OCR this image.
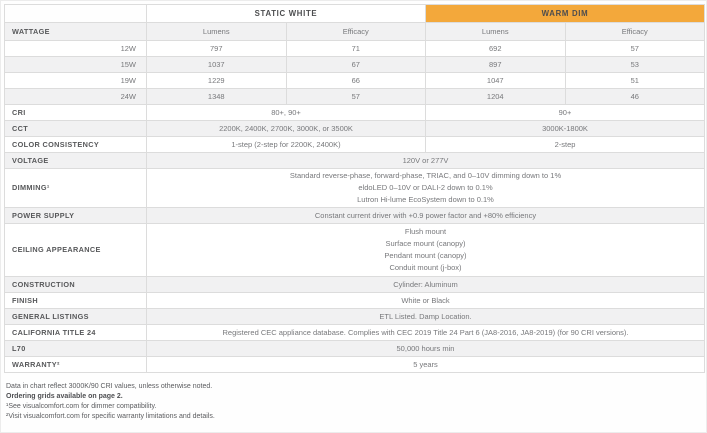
	STATIC WHITE		WARM DIM	
WATTAGE	Lumens	Efficacy	Lumens	Efficacy
12W	797	71	692	57
15W	1037	67	897	53
19W	1229	66	1047	51
24W	1348	57	1204	46
CRI	80+, 90+		90+	
CCT	2200K, 2400K, 2700K, 3000K, or 3500K		3000K-1800K	
COLOR CONSISTENCY	1-step (2-step for 2200K, 2400K)		2-step	
VOLTAGE	120V or 277V			
DIMMING¹	Standard reverse-phase, forward-phase, TRIAC, and 0–10V dimming down to 1%
eldoLED 0–10V or DALI-2 down to 0.1%
Lutron Hi-lume EcoSystem down to 0.1%			

POWER SUPPLY	Constant current driver with +0.9 power factor and +80% efficiency			
CEILING APPEARANCE	Flush mount
Surface mount (canopy)
Pendant mount (canopy)
Conduit mount (j-box)			

CONSTRUCTION	Cylinder: Aluminum			
FINISH	White or Black			
GENERAL LISTINGS	ETL Listed. Damp Location.			
CALIFORNIA TITLE 24	Registered CEC appliance database. Complies with CEC 2019 Title 24 Part 6 (JA8-2016, JA8-2019) (for 90 CRI versions).			
L70	50,000 hours min			
WARRANTY²	5 years			
Data in chart reflect 3000K/90 CRI values, unless otherwise noted.
Ordering grids available on page 2.
¹See visualcomfort.com for dimmer compatibility.
²Visit visualcomfort.com for specific warranty limitations and details.
